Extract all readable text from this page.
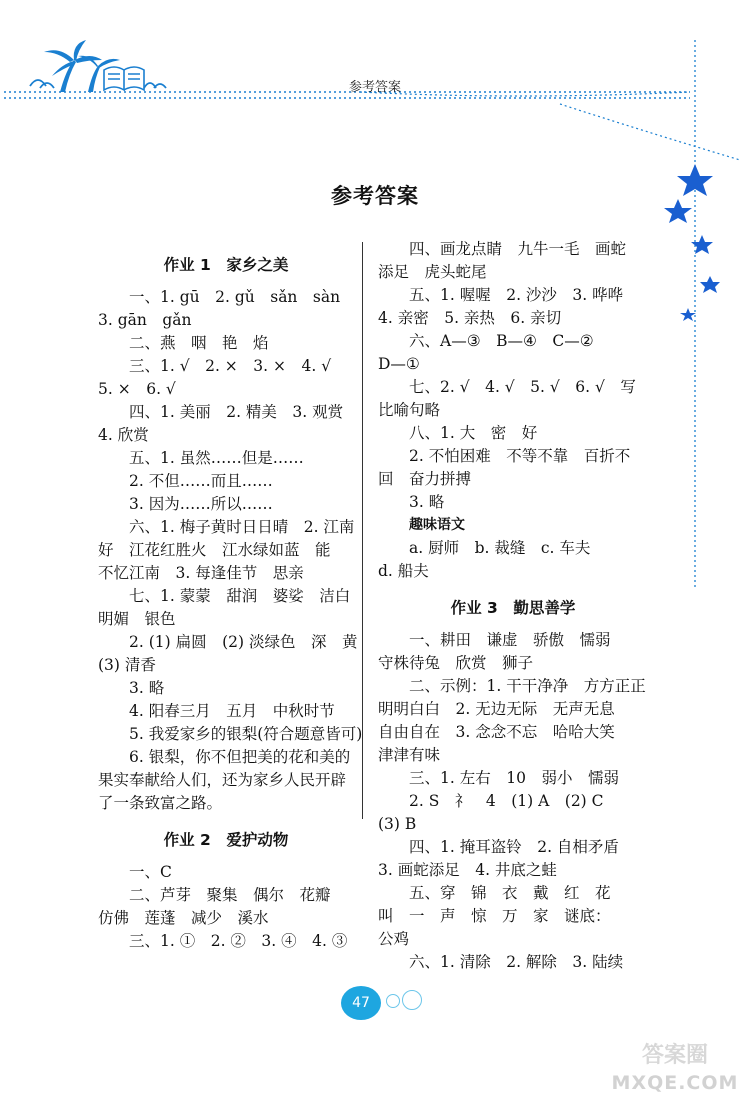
参考答案
参考答案
作业 1　家乡之美
一、1. gū　2. gǔ　sǎn　sàn
3. gān　gǎn
二、燕　咽　艳　焰
三、1. √　2. ×　3. ×　4. √
5. ×　6. √
四、1. 美丽　2. 精美　3. 观赏
4. 欣赏
五、1. 虽然……但是……
2. 不但……而且……
3. 因为……所以……
六、1. 梅子黄时日日晴　2. 江南
好　江花红胜火　江水绿如蓝　能
不忆江南　3. 每逢佳节　思亲
七、1. 蒙蒙　甜润　婆娑　洁白
明媚　银色
2. (1) 扁圆　(2) 淡绿色　深　黄
(3) 清香
3. 略
4. 阳春三月　五月　中秋时节
5. 我爱家乡的银梨(符合题意皆可)
6. 银梨，你不但把美的花和美的
果实奉献给人们，还为家乡人民开辟
了一条致富之路。
作业 2　爱护动物
一、C
二、芦芽　聚集　偶尔　花瓣
仿佛　莲蓬　减少　溪水
三、1. ①　2. ②　3. ④　4. ③
四、画龙点睛　九牛一毛　画蛇
添足　虎头蛇尾
五、1. 喔喔　2. 沙沙　3. 哗哗
4. 亲密　5. 亲热　6. 亲切
六、A—③　B—④　C—②
D—①
七、2. √　4. √　5. √　6. √　写
比喻句略
八、1. 大　密　好
2. 不怕困难　不等不靠　百折不
回　奋力拼搏
3. 略
趣味语文
a. 厨师　b. 裁缝　c. 车夫
d. 船夫
作业 3　勤思善学
一、耕田　谦虚　骄傲　懦弱
守株待兔　欣赏　狮子
二、示例：1. 干干净净　方方正正
明明白白　2. 无边无际　无声无息
自由自在　3. 念念不忘　哈哈大笑
津津有味
三、1. 左右　10　弱小　懦弱
2. S　礻　4　(1) A　(2) C
(3) B
四、1. 掩耳盗铃　2. 自相矛盾
3. 画蛇添足　4. 井底之蛙
五、穿　锦　衣　戴　红　花
叫　一　声　惊　万　家　谜底：
公鸡
六、1. 清除　2. 解除　3. 陆续
47
答案圈
MXQE.COM
